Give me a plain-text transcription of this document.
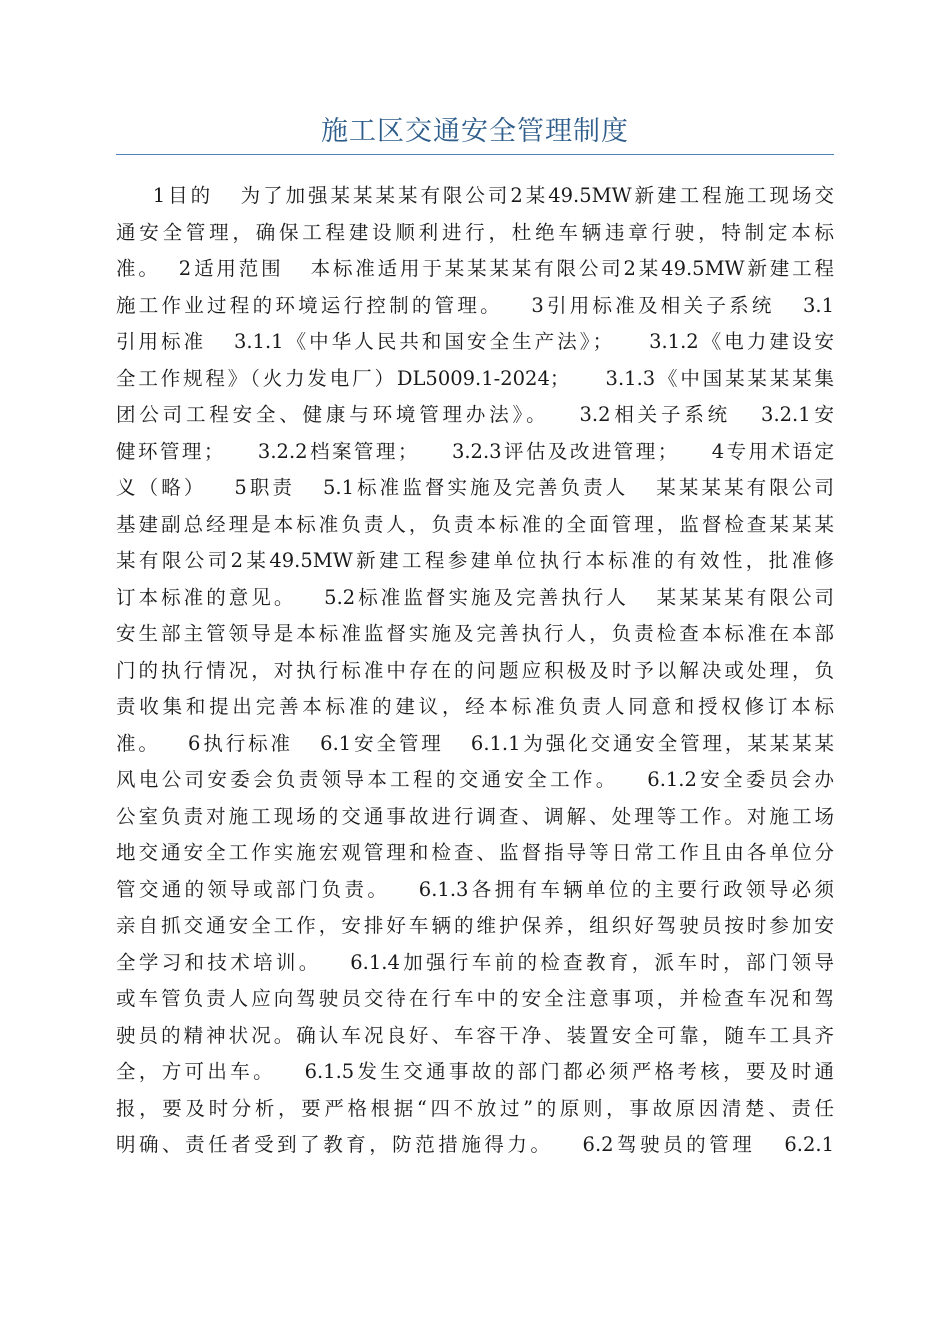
施工区交通安全管理制度
1目的   为了加强某某某某有限公司2某49.5MW新建工程施工现场交
通安全管理，确保工程建设顺利进行，杜绝车辆违章行驶，特制定本标
准。  2适用范围   本标准适用于某某某某有限公司2某49.5MW新建工程
施工作业过程的环境运行控制的管理。   3引用标准及相关子系统   3.1
引用标准   3.1.1《中华人民共和国安全生产法》；    3.1.2《电力建设安
全工作规程》（火力发电厂）DL5009.1-2024；    3.1.3《中国某某某某集
团公司工程安全、健康与环境管理办法》。   3.2相关子系统   3.2.1安
健环管理；    3.2.2档案管理；    3.2.3评估及改进管理；    4专用术语定
义（略）   5职责   5.1标准监督实施及完善负责人   某某某某有限公司
基建副总经理是本标准负责人，负责本标准的全面管理，监督检查某某某
某有限公司2某49.5MW新建工程参建单位执行本标准的有效性，批准修
订本标准的意见。   5.2标准监督实施及完善执行人   某某某某有限公司
安生部主管领导是本标准监督实施及完善执行人，负责检查本标准在本部
门的执行情况，对执行标准中存在的问题应积极及时予以解决或处理，负
责收集和提出完善本标准的建议，经本标准负责人同意和授权修订本标
准。   6执行标准   6.1安全管理   6.1.1为强化交通安全管理，某某某某
风电公司安委会负责领导本工程的交通安全工作。   6.1.2安全委员会办
公室负责对施工现场的交通事故进行调查、调解、处理等工作。对施工场
地交通安全工作实施宏观管理和检查、监督指导等日常工作且由各单位分
管交通的领导或部门负责。   6.1.3各拥有车辆单位的主要行政领导必须
亲自抓交通安全工作，安排好车辆的维护保养，组织好驾驶员按时参加安
全学习和技术培训。   6.1.4加强行车前的检查教育，派车时，部门领导
或车管负责人应向驾驶员交待在行车中的安全注意事项，并检查车况和驾
驶员的精神状况。确认车况良好、车容干净、装置安全可靠，随车工具齐
全，方可出车。   6.1.5发生交通事故的部门都必须严格考核，要及时通
报，要及时分析，要严格根据“四不放过”的原则，事故原因清楚、责任
明确、责任者受到了教育，防范措施得力。   6.2驾驶员的管理   6.2.1
